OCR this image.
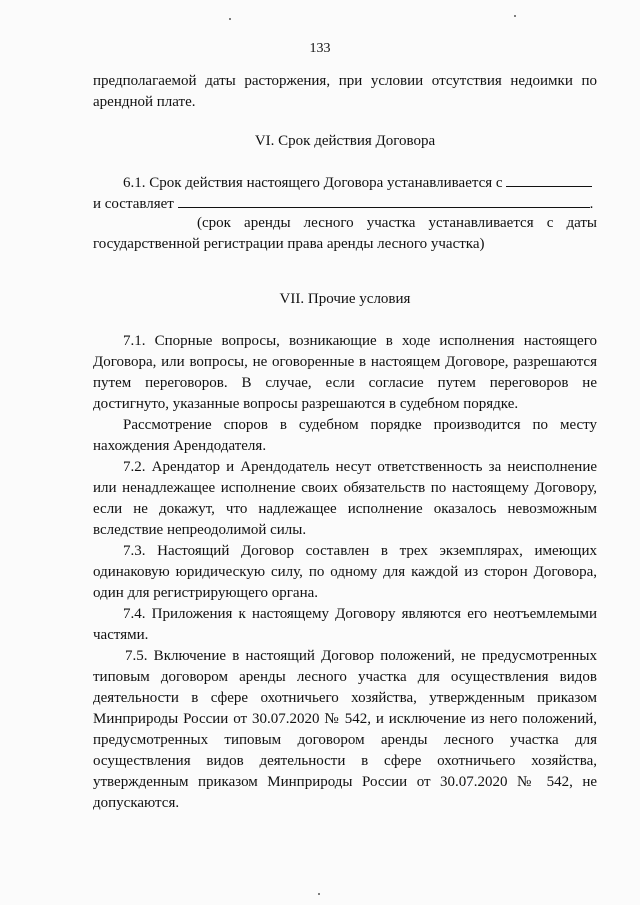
133
предполагаемой даты расторжения, при условии отсутствия недоимки по
арендной плате.
VI. Срок действия Договора
6.1. Срок действия настоящего Договора устанавливается с
и составляет	.
(срок аренды лесного участка устанавливается с даты
государственной регистрации права аренды лесного участка)
VII. Прочие условия
7.1. Спорные вопросы, возникающие в ходе исполнения настоящего
Договора, или вопросы, не оговоренные в настоящем Договоре, разрешаются
путем переговоров. В случае, если согласие путем переговоров не
достигнуто, указанные вопросы разрешаются в судебном порядке.
Рассмотрение споров в судебном порядке производится по месту
нахождения Арендодателя.
7.2. Арендатор и Арендодатель несут ответственность за неисполнение
или ненадлежащее исполнение своих обязательств по настоящему Договору,
если не докажут, что надлежащее исполнение оказалось невозможным
вследствие непреодолимой силы.
7.3. Настоящий Договор составлен в трех экземплярах, имеющих
одинаковую юридическую силу, по одному для каждой из сторон Договора,
один для регистрирующего органа.
7.4. Приложения к настоящему Договору являются его неотъемлемыми
частями.
7.5. Включение в настоящий Договор положений, не предусмотренных
типовым договором аренды лесного участка для осуществления видов
деятельности в сфере охотничьего хозяйства, утвержденным приказом
Минприроды России от 30.07.2020 № 542, и исключение из него положений,
предусмотренных типовым договором аренды лесного участка для
осуществления видов деятельности в сфере охотничьего хозяйства,
утвержденным приказом Минприроды России от 30.07.2020 № 542, не
допускаются.
